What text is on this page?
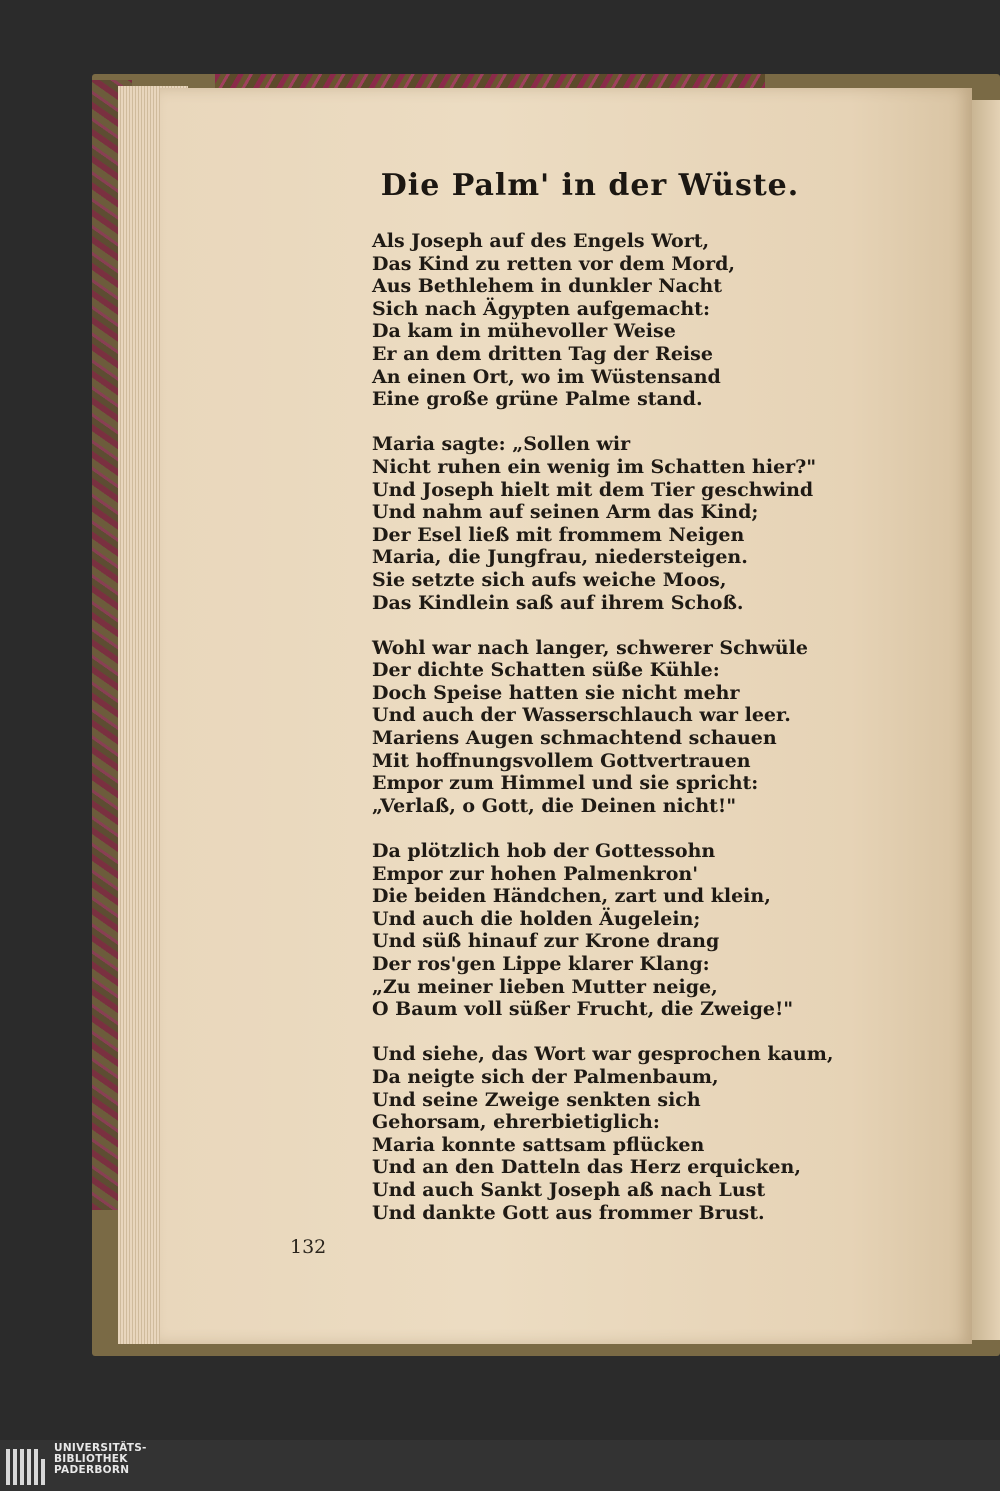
Die Palm' in der Wüste.
Als Joseph auf des Engels Wort,
Das Kind zu retten vor dem Mord,
Aus Bethlehem in dunkler Nacht
Sich nach Ägypten aufgemacht:
Da kam in mühevoller Weise
Er an dem dritten Tag der Reise
An einen Ort, wo im Wüstensand
Eine große grüne Palme stand.
Maria sagte: „Sollen wir
Nicht ruhen ein wenig im Schatten hier?"
Und Joseph hielt mit dem Tier geschwind
Und nahm auf seinen Arm das Kind;
Der Esel ließ mit frommem Neigen
Maria, die Jungfrau, niedersteigen.
Sie setzte sich aufs weiche Moos,
Das Kindlein saß auf ihrem Schoß.
Wohl war nach langer, schwerer Schwüle
Der dichte Schatten süße Kühle:
Doch Speise hatten sie nicht mehr
Und auch der Wasserschlauch war leer.
Mariens Augen schmachtend schauen
Mit hoffnungsvollem Gottvertrauen
Empor zum Himmel und sie spricht:
„Verlaß, o Gott, die Deinen nicht!"
Da plötzlich hob der Gottessohn
Empor zur hohen Palmenkron'
Die beiden Händchen, zart und klein,
Und auch die holden Äugelein;
Und süß hinauf zur Krone drang
Der ros'gen Lippe klarer Klang:
„Zu meiner lieben Mutter neige,
O Baum voll süßer Frucht, die Zweige!"
Und siehe, das Wort war gesprochen kaum,
Da neigte sich der Palmenbaum,
Und seine Zweige senkten sich
Gehorsam, ehrerbietiglich:
Maria konnte sattsam pflücken
Und an den Datteln das Herz erquicken,
Und auch Sankt Joseph aß nach Lust
Und dankte Gott aus frommer Brust.
132
UNIVERSITÄTS-
BIBLIOTHEK
PADERBORN
